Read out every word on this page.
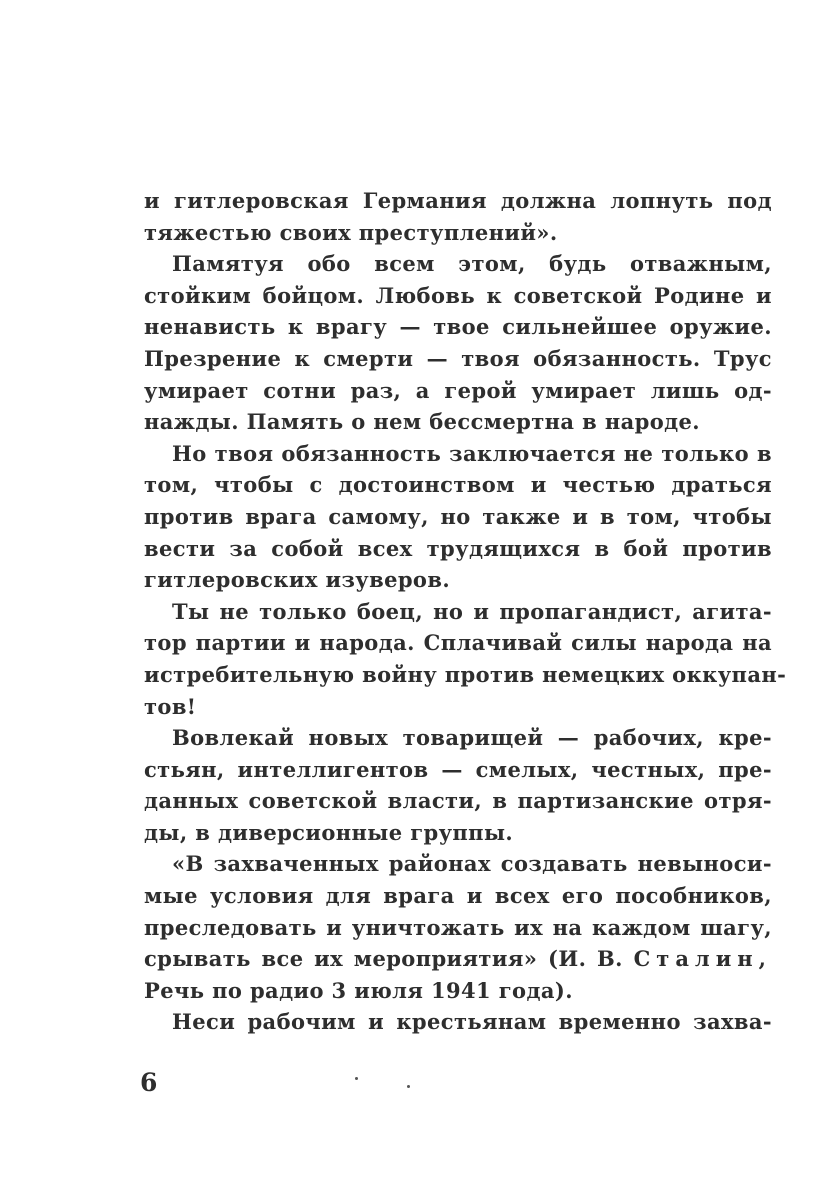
и гитлеровская Германия должна лопнуть под
тяжестью своих преступлений».
Памятуя обо всем этом, будь отважным,
стойким бойцом. Любовь к советской Родине и
ненависть к врагу — твое сильнейшее оружие.
Презрение к смерти — твоя обязанность. Трус
умирает сотни раз, а герой умирает лишь од-
нажды. Память о нем бессмертна в народе.
Но твоя обязанность заключается не только в
том, чтобы с достоинством и честью драться
против врага самому, но также и в том, чтобы
вести за собой всех трудящихся в бой против
гитлеровских изуверов.
Ты не только боец, но и пропагандист, агита-
тор партии и народа. Сплачивай силы народа на
истребительную войну против немецких оккупан-
тов!
Вовлекай новых товарищей — рабочих, кре-
стьян, интеллигентов — смелых, честных, пре-
данных советской власти, в партизанские отря-
ды, в диверсионные группы.
«В захваченных районах создавать невыноси-
мые условия для врага и всех его пособников,
преследовать и уничтожать их на каждом шагу,
срывать все их мероприятия» (И. В. Сталин,
Речь по радио 3 июля 1941 года).
Неси рабочим и крестьянам временно захва-
6
